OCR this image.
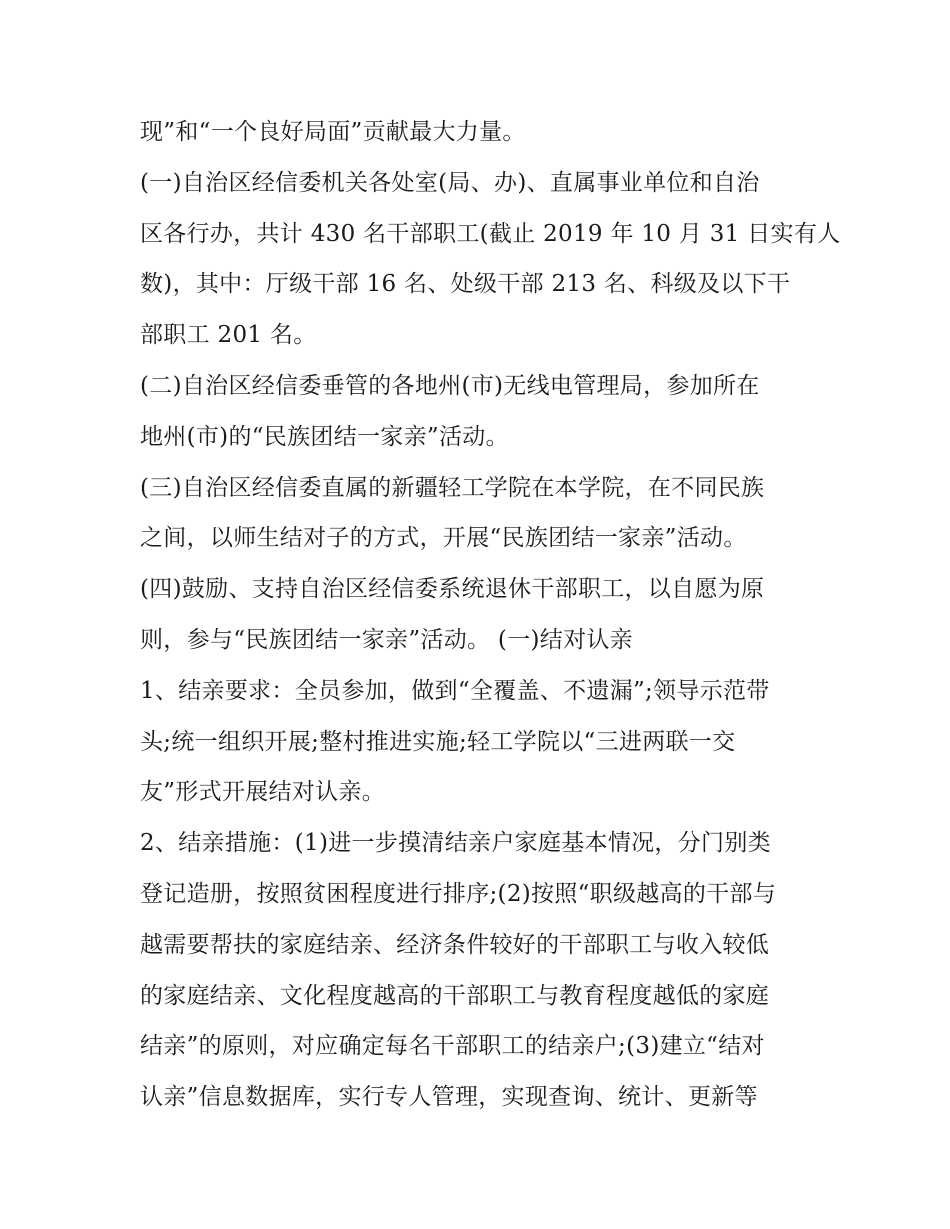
现”和“一个良好局面”贡献最大力量。
(一)自治区经信委机关各处室(局、办)、直属事业单位和自治
区各行办，共计 430 名干部职工(截止 2019 年 10 月 31 日实有人
数)，其中：厅级干部 16 名、处级干部 213 名、科级及以下干
部职工 201 名。
(二)自治区经信委垂管的各地州(市)无线电管理局，参加所在
地州(市)的“民族团结一家亲”活动。
(三)自治区经信委直属的新疆轻工学院在本学院，在不同民族
之间，以师生结对子的方式，开展“民族团结一家亲”活动。
(四)鼓励、支持自治区经信委系统退休干部职工，以自愿为原
则，参与“民族团结一家亲”活动。 (一)结对认亲
1、结亲要求：全员参加，做到“全覆盖、不遗漏”;领导示范带
头;统一组织开展;整村推进实施;轻工学院以“三进两联一交
友”形式开展结对认亲。
2、结亲措施：(1)进一步摸清结亲户家庭基本情况，分门别类
登记造册，按照贫困程度进行排序;(2)按照“职级越高的干部与
越需要帮扶的家庭结亲、经济条件较好的干部职工与收入较低
的家庭结亲、文化程度越高的干部职工与教育程度越低的家庭
结亲”的原则，对应确定每名干部职工的结亲户;(3)建立“结对
认亲”信息数据库，实行专人管理，实现查询、统计、更新等
